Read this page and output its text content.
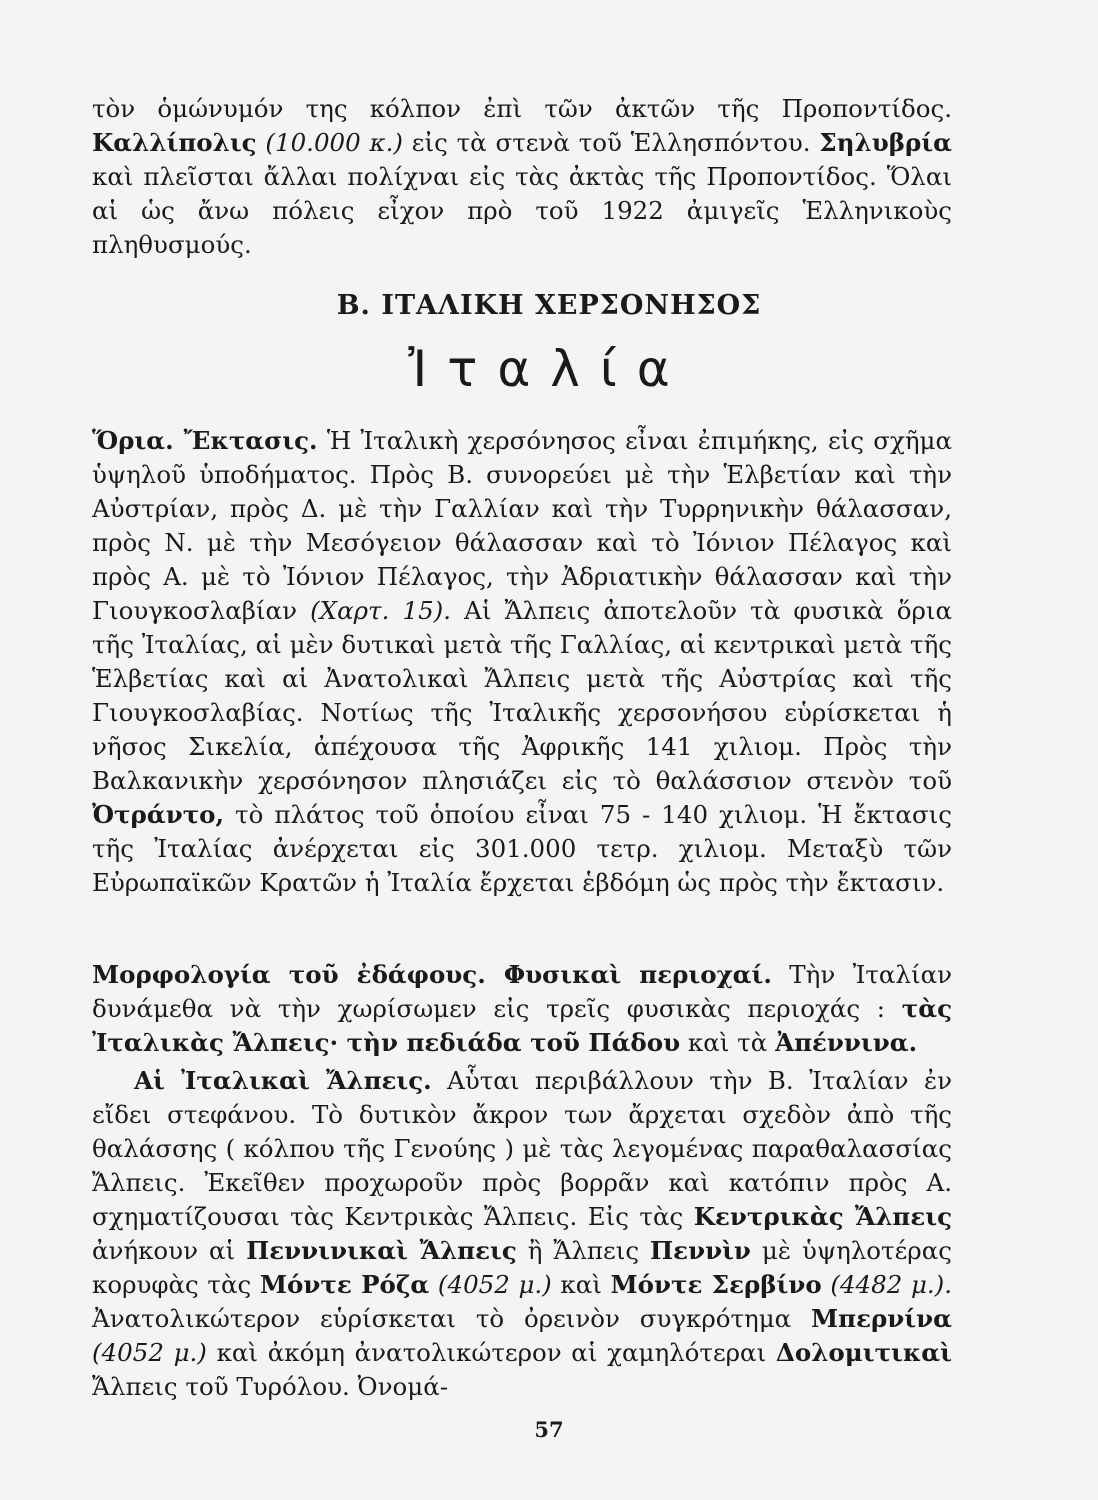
τὸν ὁμώνυμόν της κόλπον ἐπὶ τῶν ἀκτῶν τῆς Προποντίδος. Καλλίπολις (10.000 κ.) εἰς τὰ στενὰ τοῦ Ἑλλησπόντου. Σηλυβρία καὶ πλεῖσται ἄλλαι πολίχναι εἰς τὰς ἀκτὰς τῆς Προποντίδος. Ὅλαι αἱ ὡς ἄνω πόλεις εἶχον πρὸ τοῦ 1922 ἀμιγεῖς Ἑλληνικοὺς πληθυσμούς.

Β. ΙΤΑΛΙΚΗ ΧΕΡΣΟΝΗΣΟΣ
Ἰταλία

Ὅρια. Ἔκτασις. Ἡ Ἰταλικὴ χερσόνησος εἶναι ἐπιμήκης, εἰς σχῆμα ὑψηλοῦ ὑποδήματος. Πρὸς Β. συνορεύει μὲ τὴν Ἑλβετίαν καὶ τὴν Αὐστρίαν, πρὸς Δ. μὲ τὴν Γαλλίαν καὶ τὴν Τυρρηνικὴν θάλασσαν, πρὸς Ν. μὲ τὴν Μεσόγειον θάλασσαν καὶ τὸ Ἰόνιον Πέλαγος καὶ πρὸς Α. μὲ τὸ Ἰόνιον Πέλαγος, τὴν Ἀδριατικὴν θάλασσαν καὶ τὴν Γιουγκοσλαβίαν (Χαρτ. 15). Αἱ Ἄλπεις ἀποτελοῦν τὰ φυσικὰ ὅρια τῆς Ἰταλίας, αἱ μὲν δυτικαὶ μετὰ τῆς Γαλλίας, αἱ κεντρικαὶ μετὰ τῆς Ἑλβετίας καὶ αἱ Ἀνατολικαὶ Ἄλπεις μετὰ τῆς Αὐστρίας καὶ τῆς Γιουγκοσλαβίας. Νοτίως τῆς Ἰταλικῆς χερσονήσου εὑρίσκεται ἡ νῆσος Σικελία, ἀπέχουσα τῆς Ἀφρικῆς 141 χιλιομ. Πρὸς τὴν Βαλκανικὴν χερσόνησον πλησιάζει εἰς τὸ θαλάσσιον στενὸν τοῦ Ὀτράντο, τὸ πλάτος τοῦ ὁποίου εἶναι 75 - 140 χιλιομ. Ἡ ἔκτασις τῆς Ἰταλίας ἀνέρχεται εἰς 301.000 τετρ. χιλιομ. Μεταξὺ τῶν Εὐρωπαϊκῶν Κρατῶν ἡ Ἰταλία ἔρχεται ἑβδόμη ὡς πρὸς τὴν ἔκτασιν.

Μορφολογία τοῦ ἐδάφους. Φυσικαὶ περιοχαί. Τὴν Ἰταλίαν δυνάμεθα νὰ τὴν χωρίσωμεν εἰς τρεῖς φυσικὰς περιοχάς : τὰς Ἰταλικὰς Ἄλπεις· τὴν πεδιάδα τοῦ Πάδου καὶ τὰ Ἀπέννινα.

Αἱ Ἰταλικαὶ Ἄλπεις. Αὗται περιβάλλουν τὴν Β. Ἰταλίαν ἐν εἴδει στεφάνου. Τὸ δυτικὸν ἄκρον των ἄρχεται σχεδὸν ἀπὸ τῆς θαλάσσης ( κόλπου τῆς Γενούης ) μὲ τὰς λεγομένας παραθαλασσίας Ἄλπεις. Ἐκεῖθεν προχωροῦν πρὸς βορρᾶν καὶ κατόπιν πρὸς Α. σχηματίζουσαι τὰς Κεντρικὰς Ἄλπεις. Εἰς τὰς Κεντρικὰς Ἄλπεις ἀνήκουν αἱ Πεννινικαὶ Ἄλπεις ἢ Ἄλπεις Πεννὶν μὲ ὑψηλοτέρας κορυφὰς τὰς Μόντε Ρόζα (4052 μ.) καὶ Μόντε Σερβίνο (4482 μ.). Ἀνατολικώτερον εὑρίσκεται τὸ ὀρεινὸν συγκρότημα Μπερνίνα (4052 μ.) καὶ ἀκόμη ἀνατολικώτερον αἱ χαμηλότεραι Δολομιτικαὶ Ἄλπεις τοῦ Τυρόλου. Ὀνομά-

57
